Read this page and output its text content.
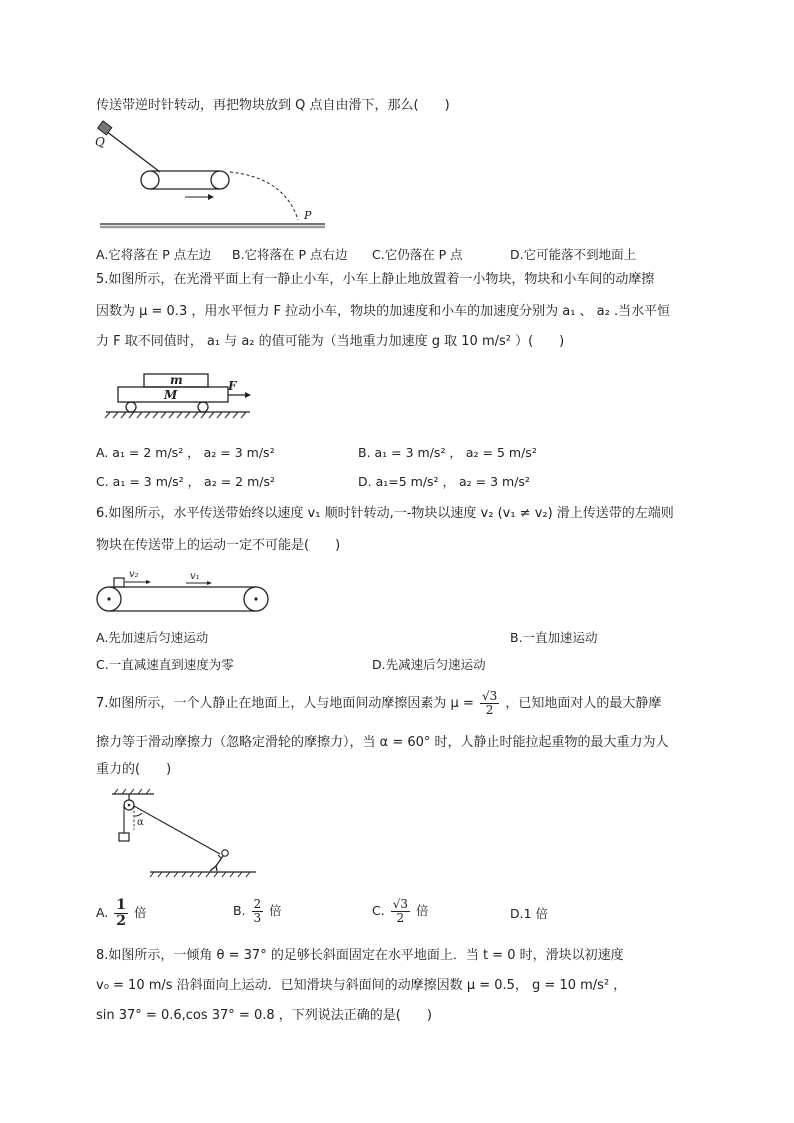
传送带逆时针转动，再把物块放到 Q 点自由滑下，那么(　　)
Q
P
A.它将落在 P 点左边 B.它将落在 P 点右边 C.它仍落在 P 点	D.它可能落不到地面上
5.如图所示，在光滑平面上有一静止小车，小车上静止地放置着一小物块，物块和小车间的动摩擦
因数为 μ = 0.3 ，用水平恒力 F 拉动小车，物块的加速度和小车的加速度分别为 a₁ 、 a₂ .当水平恒
力 F 取不同值时， a₁ 与 a₂ 的值可能为（当地重力加速度 g 取 10 m/s² ）(　　)
m
M
F
A. a₁ = 2 m/s² ， a₂ = 3 m/s²	B. a₁ = 3 m/s² ， a₂ = 5 m/s²
C. a₁ = 3 m/s² ， a₂ = 2 m/s²	D. a₁=5 m/s² ， a₂ = 3 m/s²
6.如图所示，水平传送带始终以速度 v₁ 顺时针转动,一-物块以速度 v₂ (v₁ ≠ v₂) 滑上传送带的左端则
物块在传送带上的运动一定不可能是(　　)
v₂	v₁
A.先加速后匀速运动	B.一直加速运动
C.一直减速直到速度为零	D.先减速后匀速运动
7.如图所示，一个人静止在地面上，人与地面间动摩擦因素为 $\mu = \frac{√3}{2}$ ，已知地面对人的最大静摩
擦力等于滑动摩擦力（忽略定滑轮的摩擦力），当 α = 60° 时，人静止时能拉起重物的最大重力为人
重力的(　　)
α
A. $\frac{1}{2}$ 倍	B. $\frac{2}{3}$ 倍	C. $\frac{√3}{2}$ 倍	D.1 倍
8.如图所示，一倾角 θ = 37° 的足够长斜面固定在水平地面上．当 t = 0 时，滑块以初速度
v₀ = 10 m/s 沿斜面向上运动．已知滑块与斜面间的动摩擦因数 μ = 0.5， g = 10 m/s² ，
sin 37° = 0.6,cos 37° = 0.8 ，下列说法正确的是(　　)
